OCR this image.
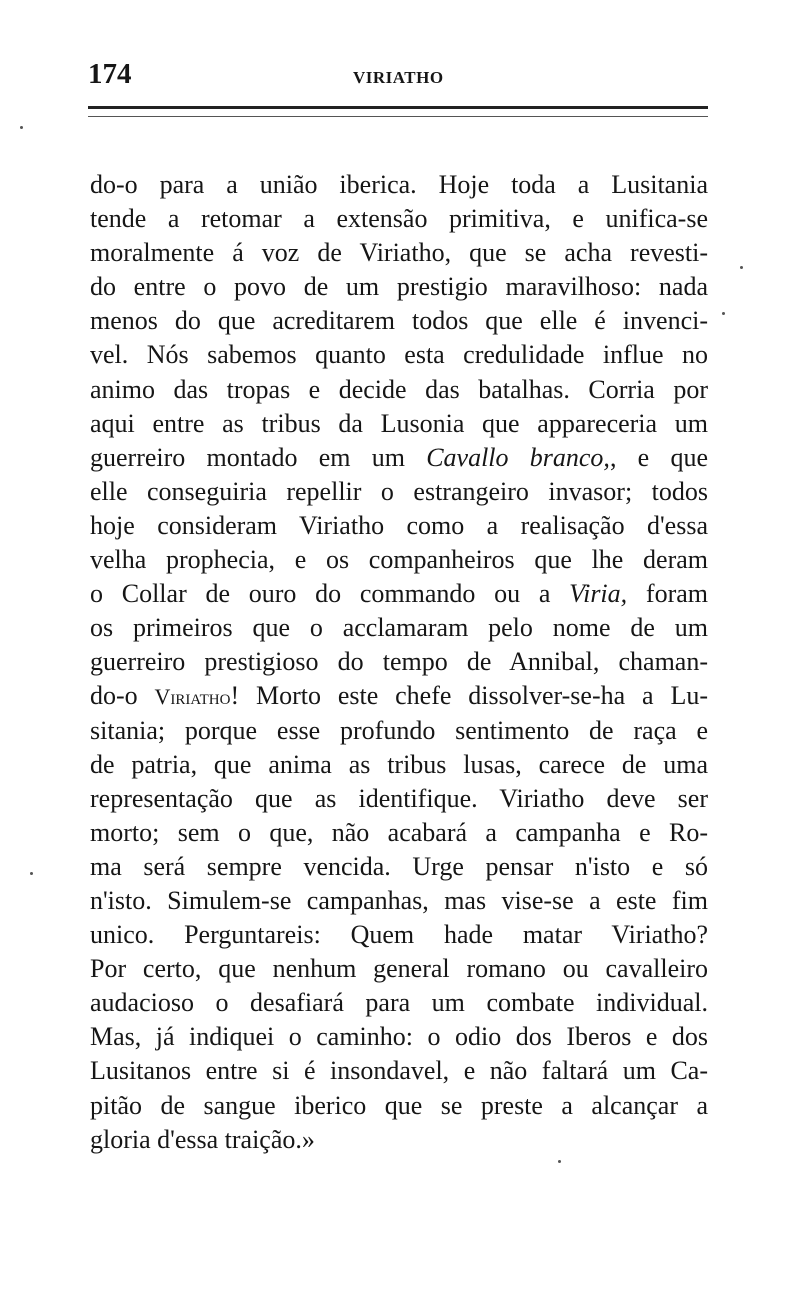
174	VIRIATHO
do-o para a união iberica. Hoje toda a Lusitania
tende a retomar a extensão primitiva, e unifica-se
moralmente á voz de Viriatho, que se acha revesti-
do entre o povo de um prestigio maravilhoso: nada
menos do que acreditarem todos que elle é invenci-
vel. Nós sabemos quanto esta credulidade influe no
animo das tropas e decide das batalhas. Corria por
aqui entre as tribus da Lusonia que appareceria um
guerreiro montado em um Cavallo branco,, e que
elle conseguiria repellir o estrangeiro invasor; todos
hoje consideram Viriatho como a realisação d'essa
velha prophecia, e os companheiros que lhe deram
o Collar de ouro do commando ou a Viria, foram
os primeiros que o acclamaram pelo nome de um
guerreiro prestigioso do tempo de Annibal, chaman-
do-o Viriatho! Morto este chefe dissolver-se-ha a Lu-
sitania; porque esse profundo sentimento de raça e
de patria, que anima as tribus lusas, carece de uma
representação que as identifique. Viriatho deve ser
morto; sem o que, não acabará a campanha e Ro-
ma será sempre vencida. Urge pensar n'isto e só
n'isto. Simulem-se campanhas, mas vise-se a este fim
unico. Perguntareis: Quem hade matar Viriatho?
Por certo, que nenhum general romano ou cavalleiro
audacioso o desafiará para um combate individual.
Mas, já indiquei o caminho: o odio dos Iberos e dos
Lusitanos entre si é insondavel, e não faltará um Ca-
pitão de sangue iberico que se preste a alcançar a
gloria d'essa traição.»
